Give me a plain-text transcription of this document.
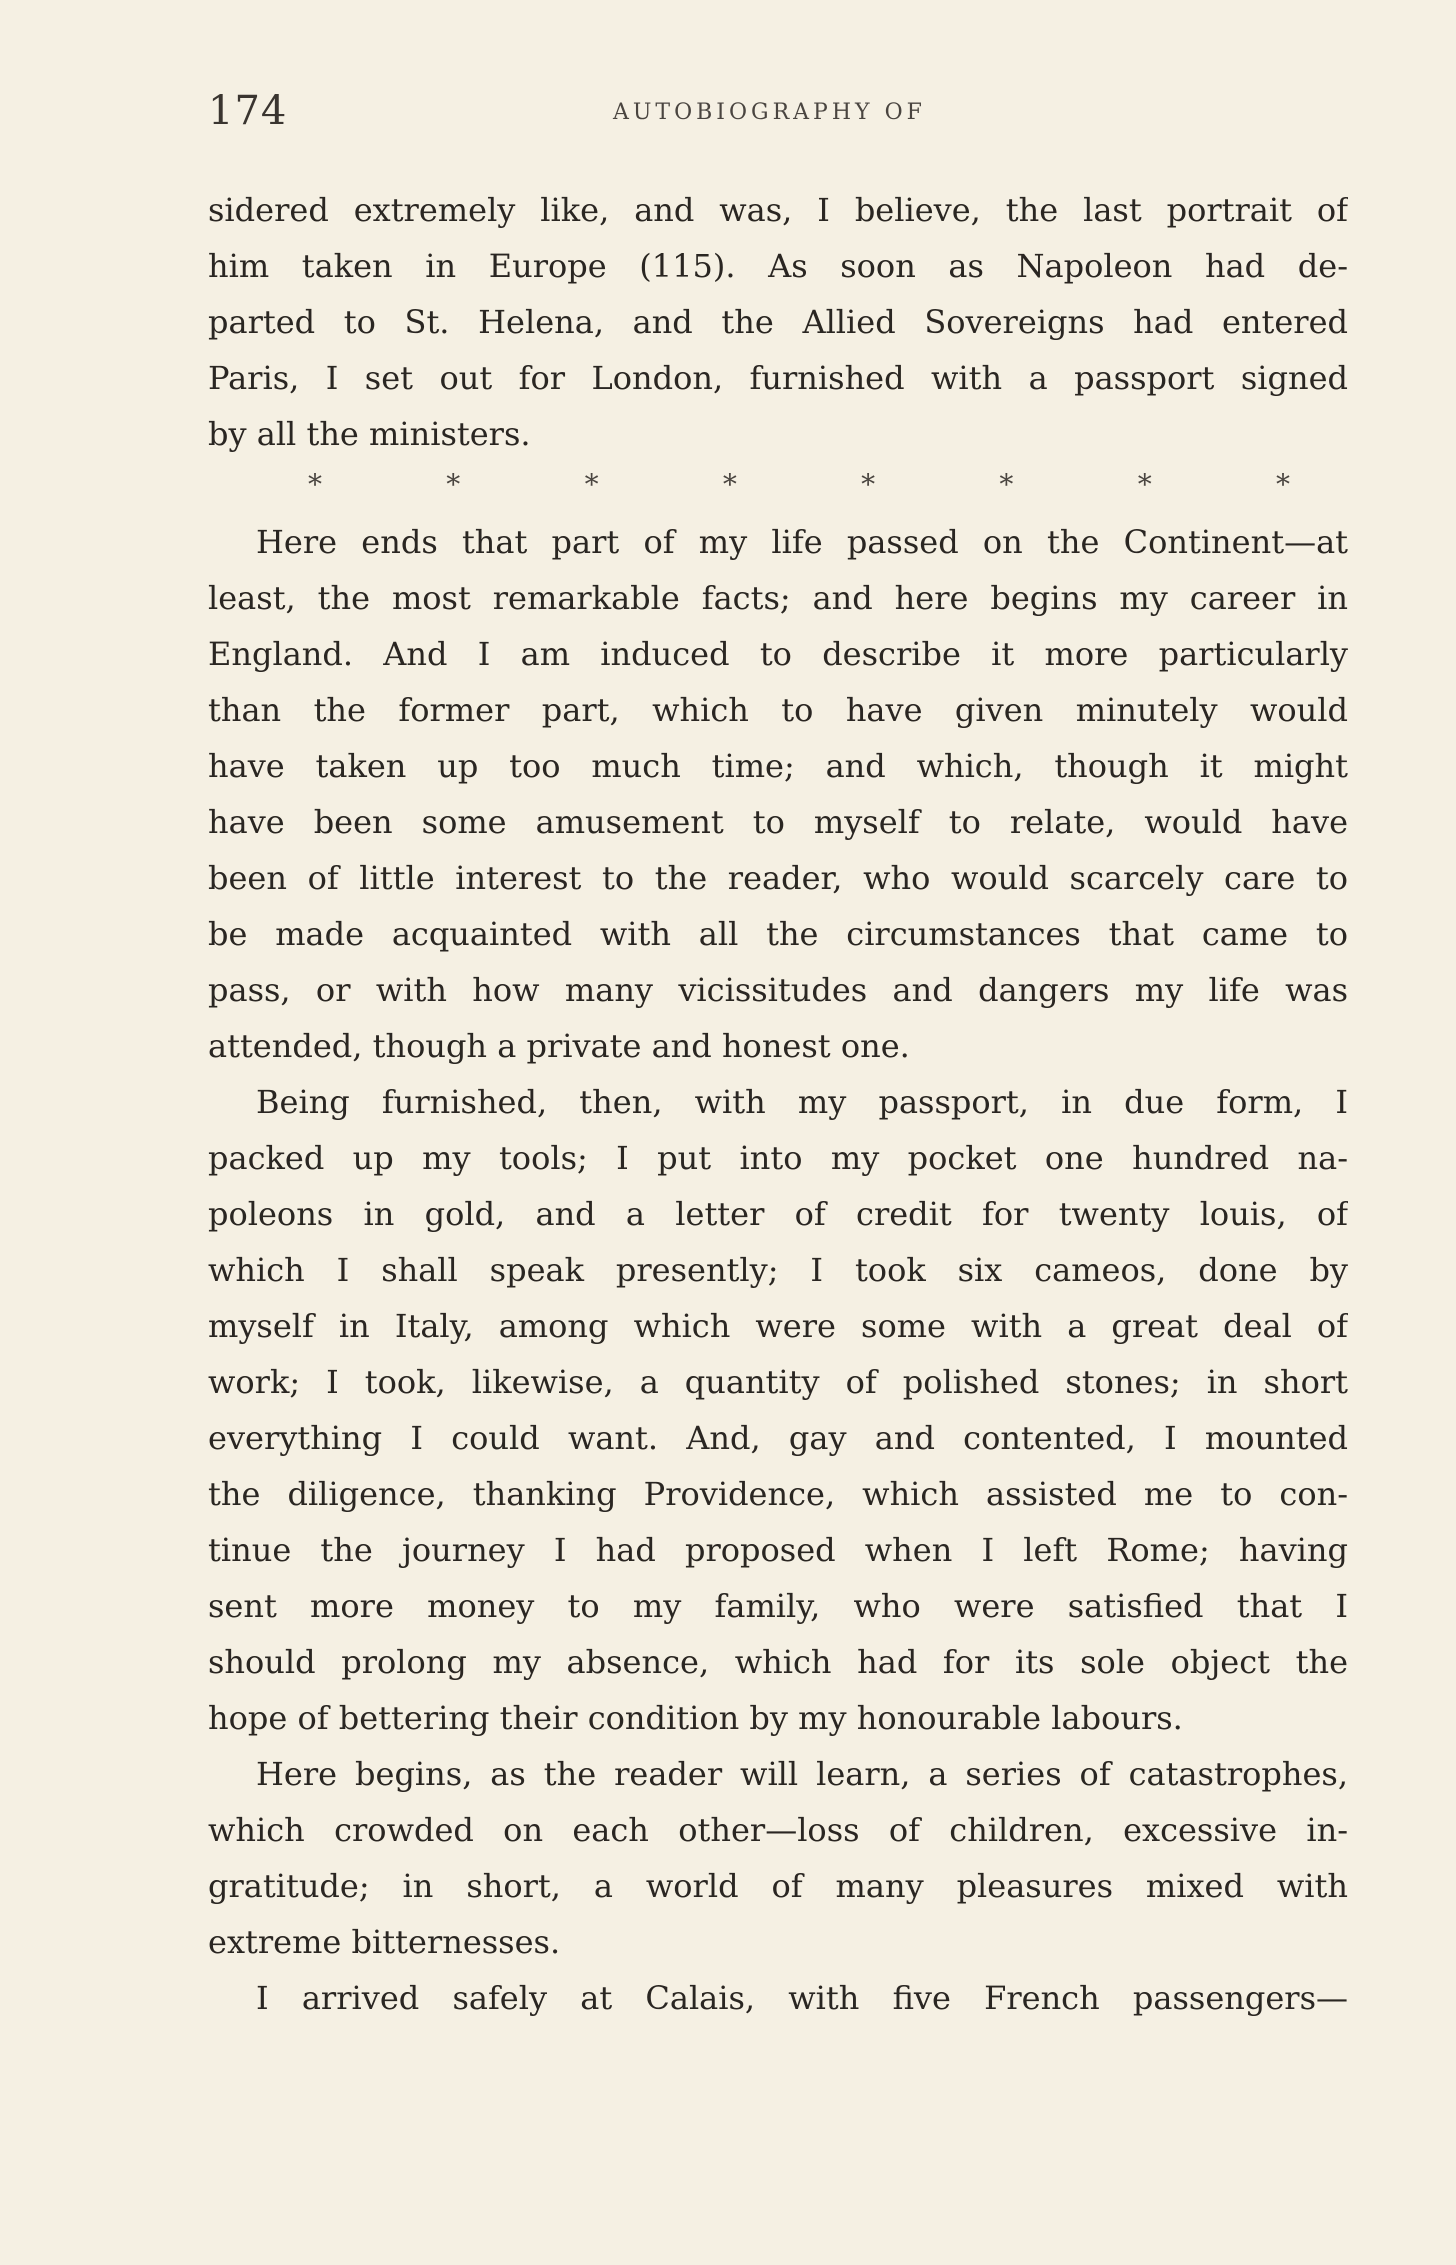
174	AUTOBIOGRAPHY OF
sidered extremely like, and was, I believe, the last portrait of
him taken in Europe (115). As soon as Napoleon had de-
parted to St. Helena, and the Allied Sovereigns had entered
Paris, I set out for London, furnished with a passport signed
by all the ministers.
*	*	*	*	*	*	*	*
Here ends that part of my life passed on the Continent—at
least, the most remarkable facts; and here begins my career in
England. And I am induced to describe it more particularly
than the former part, which to have given minutely would
have taken up too much time; and which, though it might
have been some amusement to myself to relate, would have
been of little interest to the reader, who would scarcely care to
be made acquainted with all the circumstances that came to
pass, or with how many vicissitudes and dangers my life was
attended, though a private and honest one.
Being furnished, then, with my passport, in due form, I
packed up my tools; I put into my pocket one hundred na-
poleons in gold, and a letter of credit for twenty louis, of
which I shall speak presently; I took six cameos, done by
myself in Italy, among which were some with a great deal of
work; I took, likewise, a quantity of polished stones; in short
everything I could want. And, gay and contented, I mounted
the diligence, thanking Providence, which assisted me to con-
tinue the journey I had proposed when I left Rome; having
sent more money to my family, who were satisfied that I
should prolong my absence, which had for its sole object the
hope of bettering their condition by my honourable labours.
Here begins, as the reader will learn, a series of catastrophes,
which crowded on each other—loss of children, excessive in-
gratitude; in short, a world of many pleasures mixed with
extreme bitternesses.
I arrived safely at Calais, with five French passengers—
